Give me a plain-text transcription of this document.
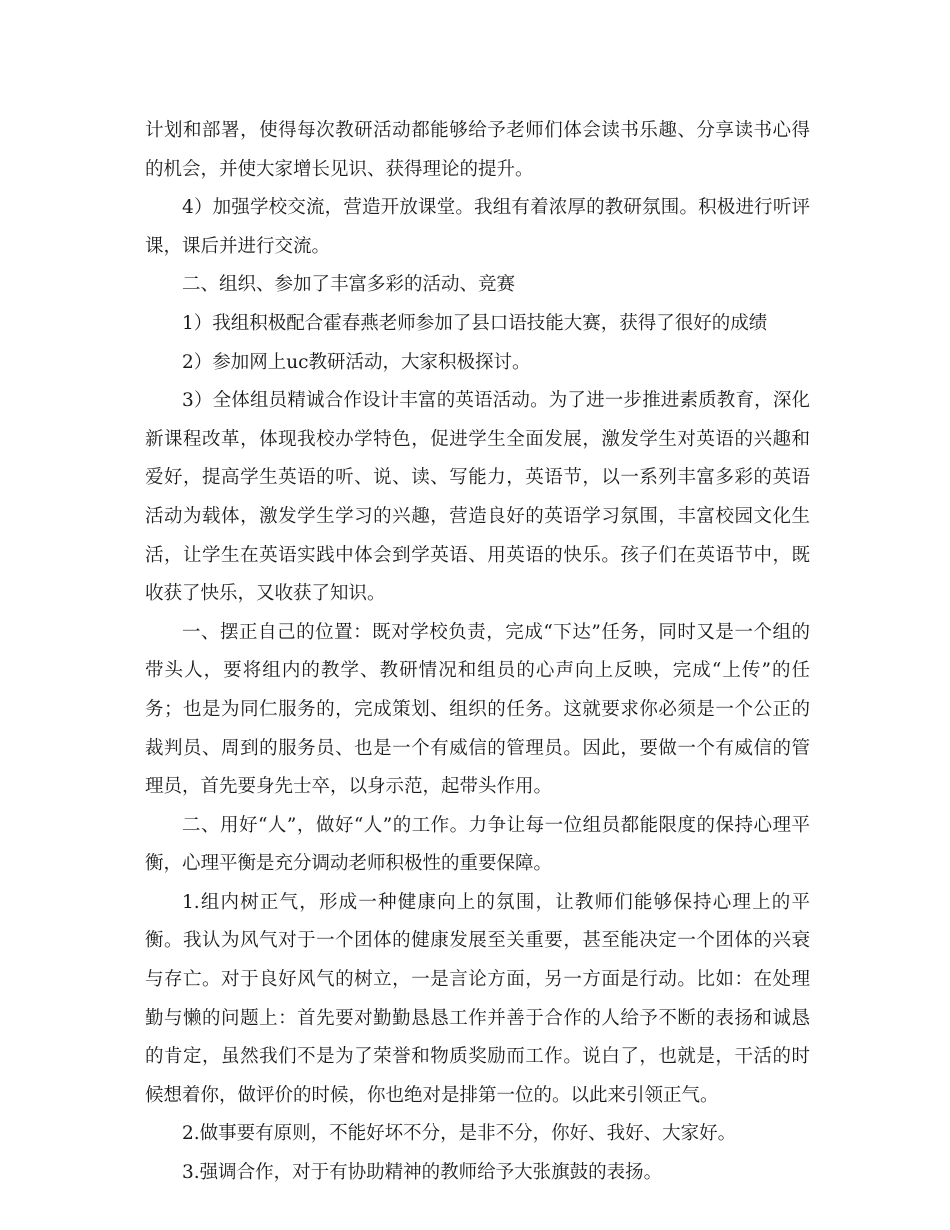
计划和部署，使得每次教研活动都能够给予老师们体会读书乐趣、分享读书心得的机会，并使大家增长见识、获得理论的提升。

4）加强学校交流，营造开放课堂。我组有着浓厚的教研氛围。积极进行听评课，课后并进行交流。

二、组织、参加了丰富多彩的活动、竞赛

1）我组积极配合霍春燕老师参加了县口语技能大赛，获得了很好的成绩

2）参加网上uc教研活动，大家积极探讨。

3）全体组员精诚合作设计丰富的英语活动。为了进一步推进素质教育，深化新课程改革，体现我校办学特色，促进学生全面发展，激发学生对英语的兴趣和爱好，提高学生英语的听、说、读、写能力，英语节，以一系列丰富多彩的英语活动为载体，激发学生学习的兴趣，营造良好的英语学习氛围，丰富校园文化生活，让学生在英语实践中体会到学英语、用英语的快乐。孩子们在英语节中，既收获了快乐，又收获了知识。

一、摆正自己的位置：既对学校负责，完成“下达”任务，同时又是一个组的带头人，要将组内的教学、教研情况和组员的心声向上反映，完成“上传”的任务；也是为同仁服务的，完成策划、组织的任务。这就要求你必须是一个公正的裁判员、周到的服务员、也是一个有威信的管理员。因此，要做一个有威信的管理员，首先要身先士卒，以身示范，起带头作用。

二、用好“人”，做好“人”的工作。力争让每一位组员都能限度的保持心理平衡，心理平衡是充分调动老师积极性的重要保障。

1.组内树正气，形成一种健康向上的氛围，让教师们能够保持心理上的平衡。我认为风气对于一个团体的健康发展至关重要，甚至能决定一个团体的兴衰与存亡。对于良好风气的树立，一是言论方面，另一方面是行动。比如：在处理勤与懒的问题上：首先要对勤勤恳恳工作并善于合作的人给予不断的表扬和诚恳的肯定，虽然我们不是为了荣誉和物质奖励而工作。说白了，也就是，干活的时候想着你，做评价的时候，你也绝对是排第一位的。以此来引领正气。

2.做事要有原则，不能好坏不分，是非不分，你好、我好、大家好。

3.强调合作，对于有协助精神的教师给予大张旗鼓的表扬。
